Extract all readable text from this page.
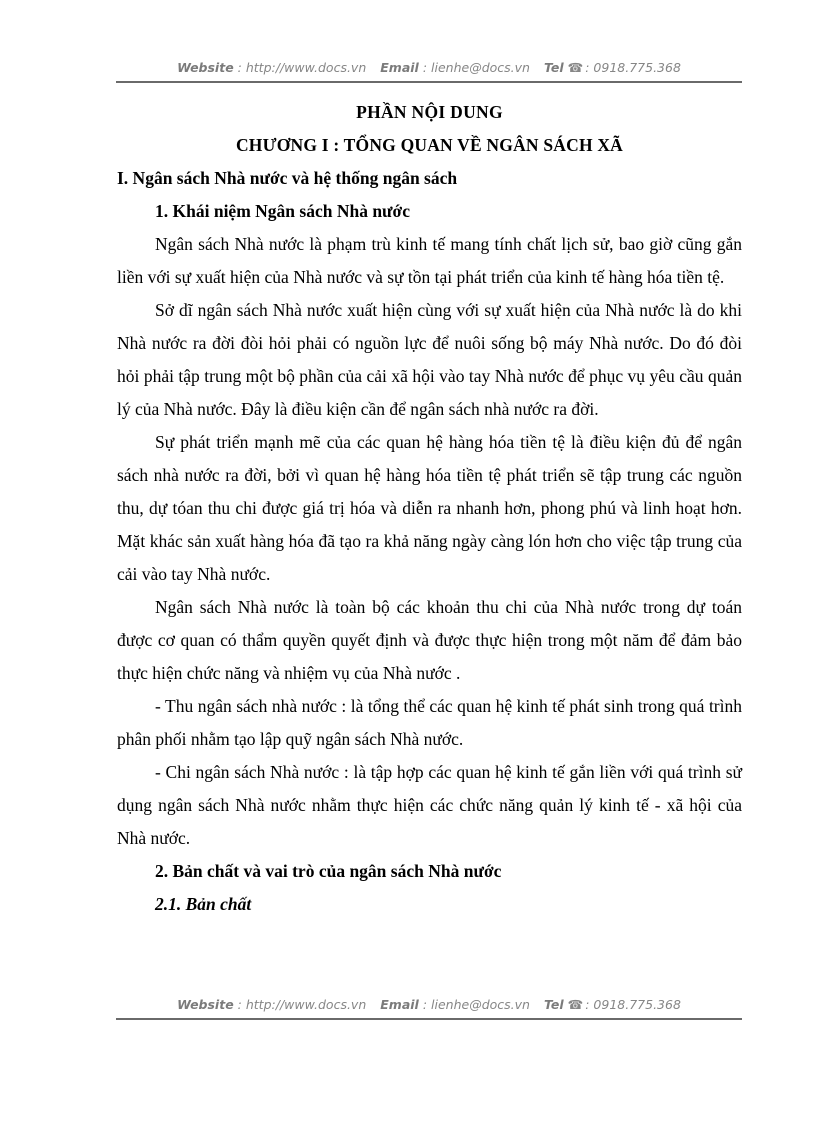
Website : http://www.docs.vn Email : lienhe@docs.vn Tel ☎ : 0918.775.368
PHẦN NỘI DUNG
CHƯƠNG I : TỔNG QUAN VỀ NGÂN SÁCH XÃ
I. Ngân sách Nhà nước và hệ thống ngân sách
1. Khái niệm Ngân sách Nhà nước

Ngân sách Nhà nước là phạm trù kinh tế mang tính chất lịch sử, bao giờ cũng gắn liền với sự xuất hiện của Nhà nước và sự tồn tại phát triển của kinh tế hàng hóa tiền tệ.

Sở dĩ ngân sách Nhà nước xuất hiện cùng với sự xuất hiện của Nhà nước là do khi Nhà nước ra đời đòi hỏi phải có nguồn lực để nuôi sống bộ máy Nhà nước. Do đó đòi hỏi phải tập trung một bộ phần của cải xã hội vào tay Nhà nước để phục vụ yêu cầu quản lý của Nhà nước. Đây là điều kiện cần để ngân sách nhà nước ra đời.

Sự phát triển mạnh mẽ của các quan hệ hàng hóa tiền tệ là điều kiện đủ để ngân sách nhà nước ra đời, bởi vì quan hệ hàng hóa tiền tệ phát triển sẽ tập trung các nguồn thu, dự tóan thu chi được giá trị hóa và diễn ra nhanh hơn, phong phú và linh hoạt hơn. Mặt khác sản xuất hàng hóa đã tạo ra khả năng ngày càng lón hơn cho việc tập trung của cải vào tay Nhà nước.

Ngân sách Nhà nước là toàn bộ các khoản thu chi của Nhà nước trong dự toán được cơ quan có thẩm quyền quyết định và được thực hiện trong một năm để đảm bảo thực hiện chức năng và nhiệm vụ của Nhà nước .

- Thu ngân sách nhà nước : là tổng thể các quan hệ kinh tế phát sinh trong quá trình phân phối nhằm tạo lập quỹ ngân sách Nhà nước.

- Chi ngân sách Nhà nước : là tập hợp các quan hệ kinh tế gắn liền với quá trình sử dụng ngân sách Nhà nước nhằm thực hiện các chức năng quản lý kinh tế - xã hội của Nhà nước.

2. Bản chất và vai trò của ngân sách Nhà nước
2.1. Bản chất
Website : http://www.docs.vn Email : lienhe@docs.vn Tel ☎ : 0918.775.368
